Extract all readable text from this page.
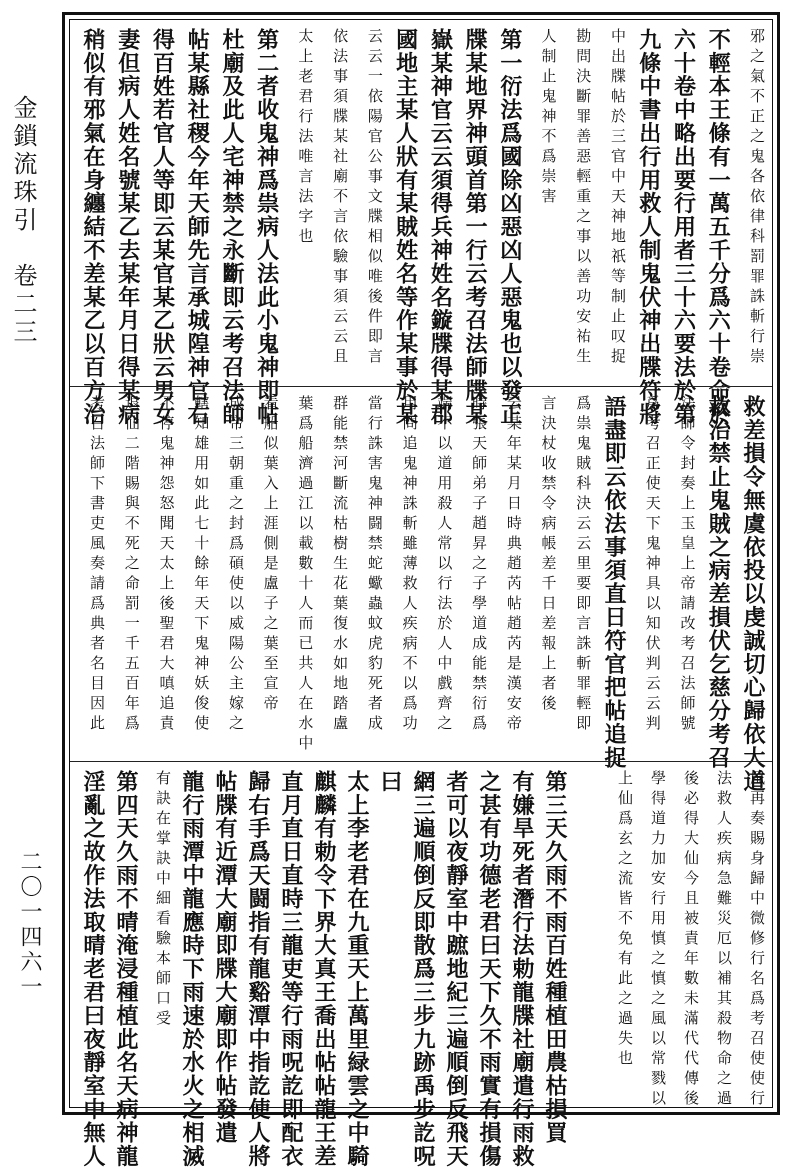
金鎖流珠引　卷二三
二〇一四六一
邪之氣不正之鬼各依律科罰罪誅斬行崇
不輕本王條有一萬五千分爲六十卷命於
六十卷中略出要行用者三十六要法於第
九條中書出行用救人制鬼伏神出牒符將
中出牒帖於三官中天神地祇等制止叹捉
勘問決斷罪善惡輕重之事以善功安祐生
人制止鬼神不爲崇害
第一衍法爲國除凶惡凶人惡鬼也以發正
牒某地界神頭首第一行云考召法師牒某
嶽某神官云云須得兵神姓名鏇牒得某郡
國地主某人狀有某賊姓名等作某事於某
云云一依陽官公事文牒相似唯後件即言
依法事須牒某社廟不言依驗事須云云且
太上老君行法唯言法字也
第二者收鬼神爲祟病人法此小鬼神即帖
杜廟及此人宅神禁之永斷即云考召法師
帖某縣社稷今年天師先言承城隍神官右
得百姓若官人等即云某官某乙狀云男女
妻但病人姓名號某乙去某年月日得某病
稍似有邪氣在身纏結不差某乙以百方治
救差損令無虞依投以虔誠切心歸依大道
救治禁止鬼賊之病差損伏乞慈分考召
法師令封奏上玉皇上帝請改考召法師號
爲考召正使天下鬼神具以知伏判云云判
語盡即云依法事須直日符官把帖追捉
爲祟鬼賊科決云云里要即言誅斬罪輕即
言決杖收禁令病帳差千日差報上者後
云某年某月日時典趙芮帖趙芮是漢安帝
時張天師弟子趙昇之子學道成能禁衍爲
端不以道用殺人常以行法於人中戲齊之
用問追鬼神誅斬雖薄救人疾病不以爲功
當行誅害鬼神闘禁蛇蠍蟲蚊虎豹死者成
群能禁河斷流枯樹生花葉復水如地踏盧
葉爲船濟過江以載數十人而已共人在水中
看船似葉入上涯側是盧子之葉至宣帝
成帝三朝重之封爲碩使以威陽公主嫁之
轄知雄用如此七十餘年天下鬼神妖俊使
不停鬼神怨怒聞天太上後聖君大嗔追責
退仙二階賜與不死之命罰一千五百年爲
考召法師下書吏風奏請爲典者名目因此
風再奏賜身歸中微修行名爲考召使使行
法救人疾病急難災厄以補其殺物命之過
後必得大仙今且被責年數未滿代代傳後
學得道力加安行用慎之慎之風以常戮以
上仙爲玄之流皆不免有此之過失也
第三天久雨不雨百姓種植田農枯損買
有嫌旱死者潛行法勅龍牒社廟遣行雨救
之甚有功德老君曰天下久不雨實有損傷
者可以夜靜室中蹠地紀三遍順倒反飛天
網三遍順倒反即散爲三步九跡禹步訖呪
曰
太上李老君在九重天上萬里緑雲之中騎
麒麟有勅令下界大真王喬出帖帖龍王差
直月直日直時三龍吏等行雨呪訖即配衣
歸右手爲天闘指有龍谿潭中指訖使人將
帖牒有近潭大廟即牒大廟即作帖發遣
龍行雨潭中龍應時下雨速於水火之相滅
有訣在掌訣中細看驗本師口受
第四天久雨不晴淹浸種植此名天病神龍
淫亂之故作法取晴老君曰夜靜室中無人
